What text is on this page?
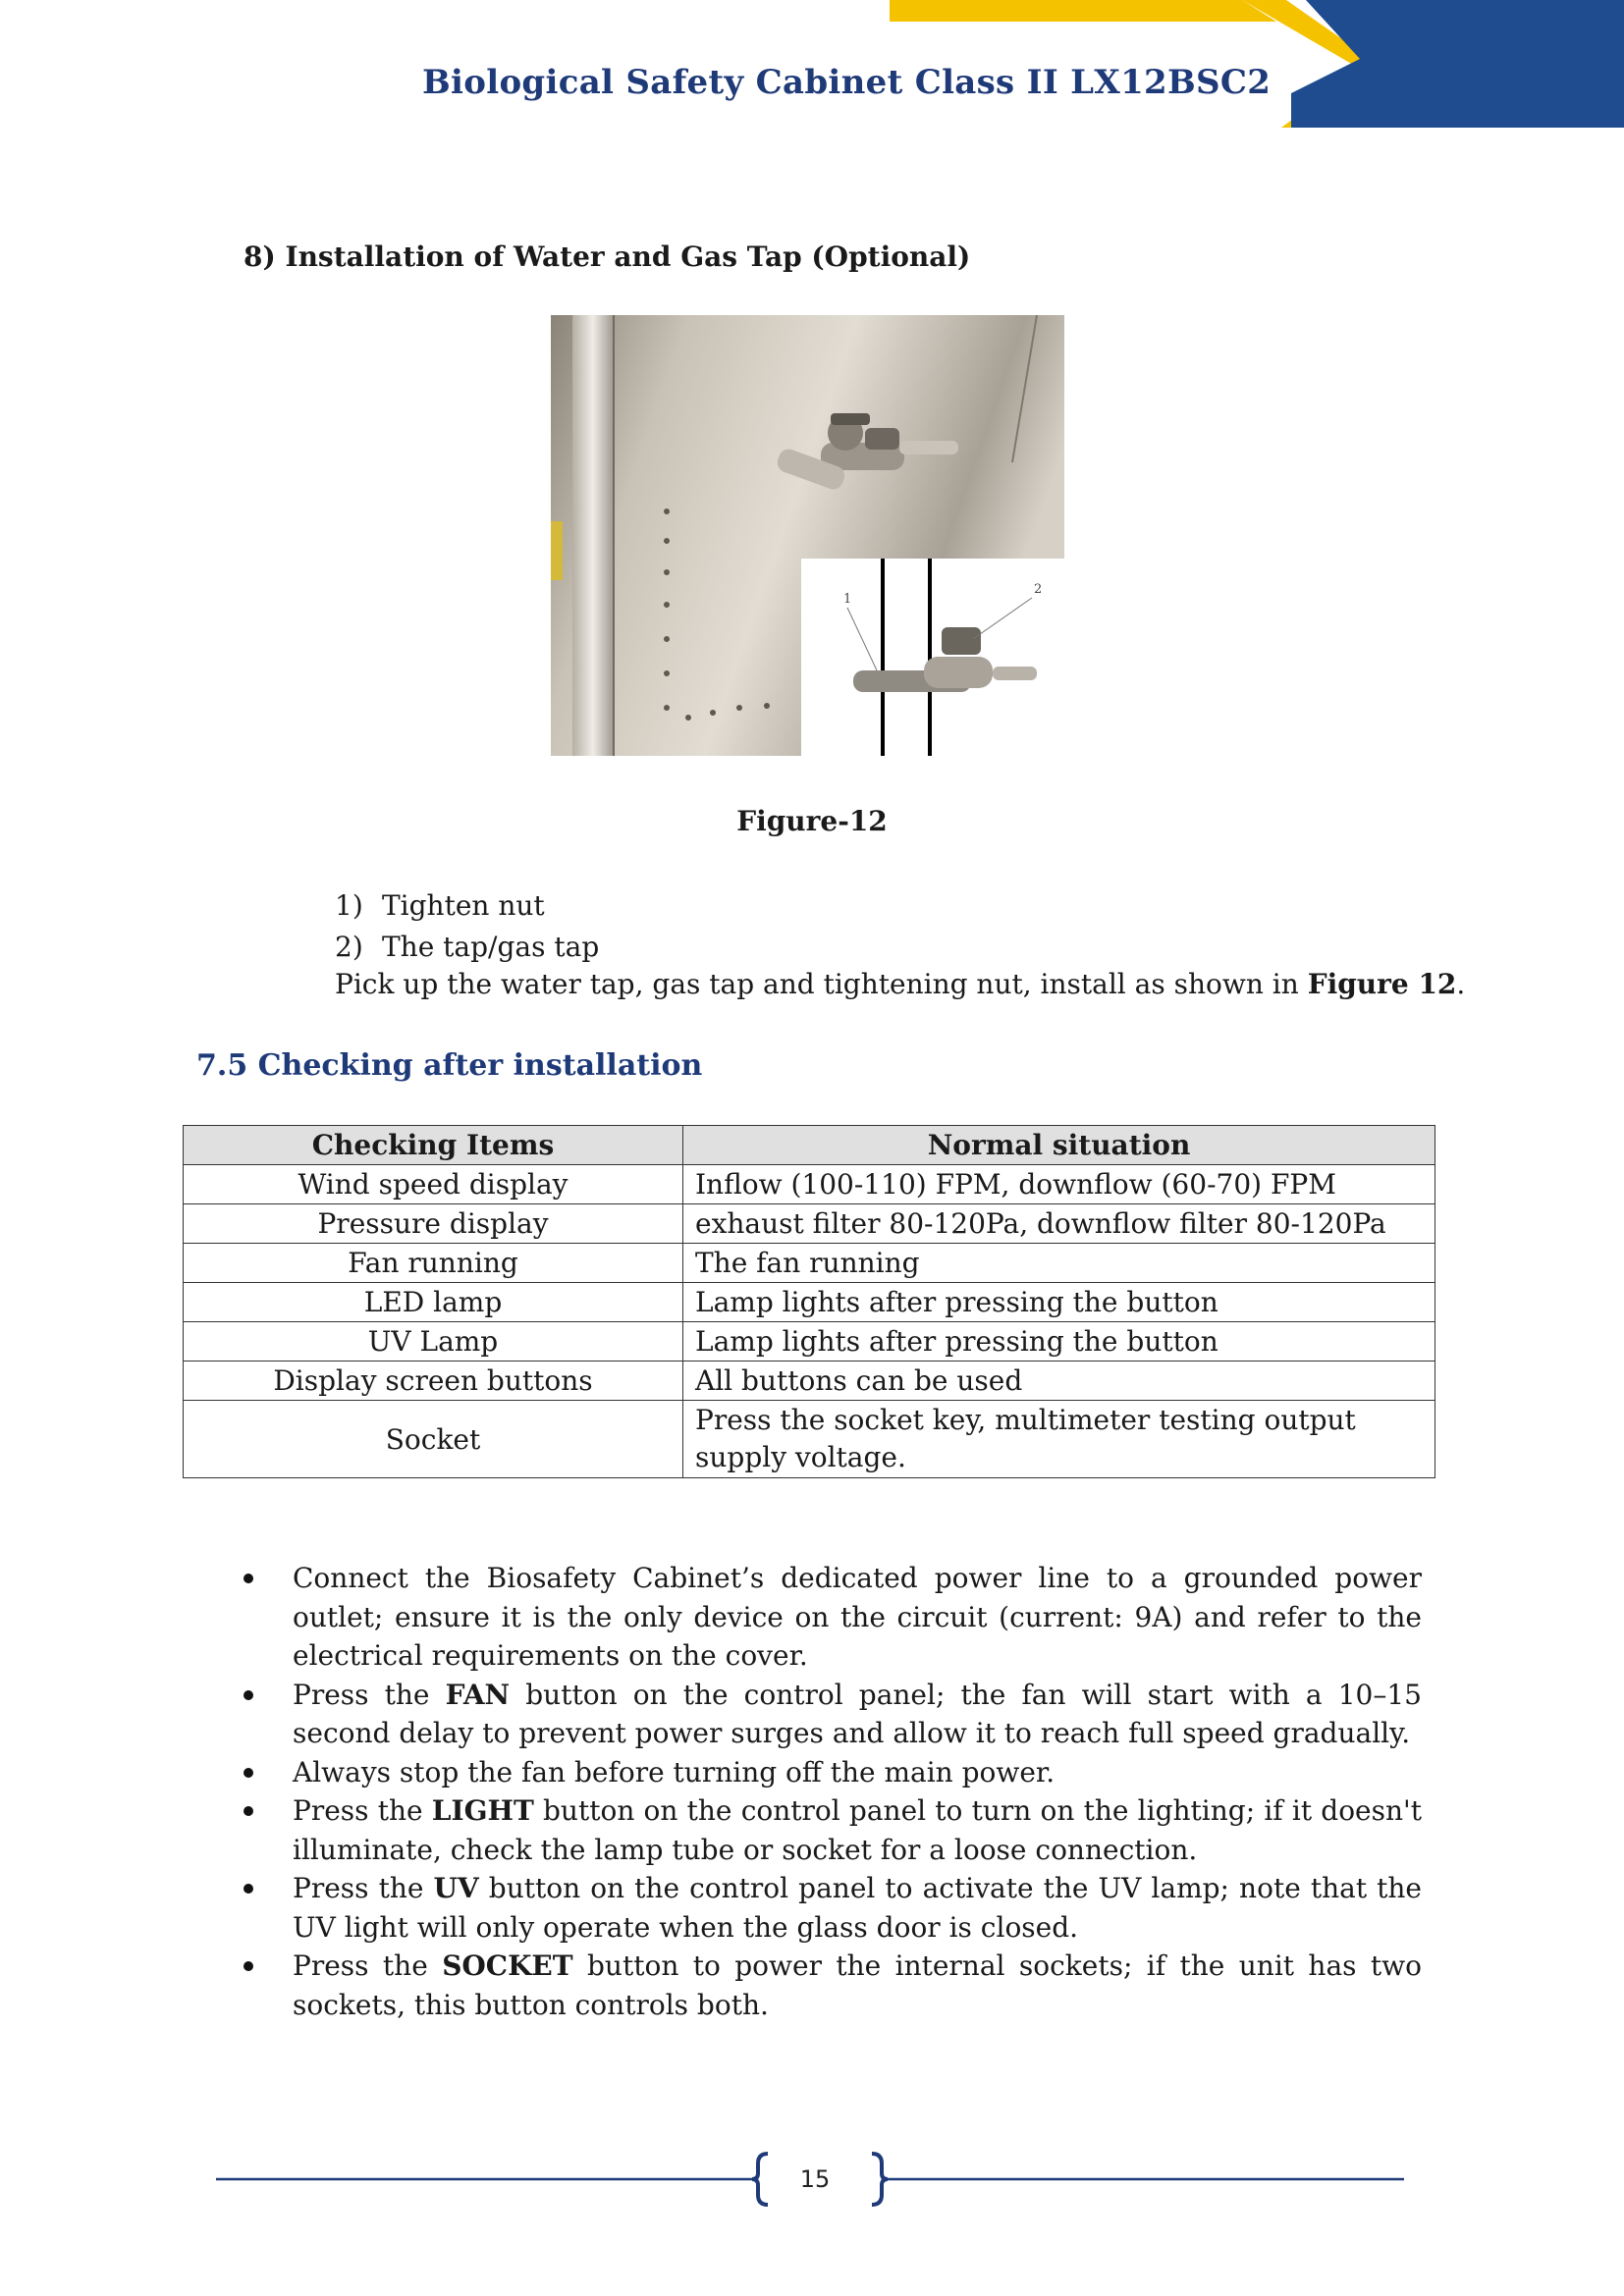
Biological Safety Cabinet Class II LX12BSC2
8) Installation of Water and Gas Tap (Optional)
1
2
Figure-12
1) Tighten nut
2) The tap/gas tap
Pick up the water tap, gas tap and tightening nut, install as shown in Figure 12.
7.5 Checking after installation
Checking Items	Normal situation
Wind speed display	Inflow (100-110) FPM, downflow (60-70) FPM
Pressure display	exhaust filter 80-120Pa, downflow filter 80-120Pa
Fan running	The fan running
LED lamp	Lamp lights after pressing the button
UV Lamp	Lamp lights after pressing the button
Display screen buttons	All buttons can be used
Socket	Press the socket key, multimeter testing output supply voltage.
Connect the Biosafety Cabinet’s dedicated power line to a grounded power outlet; ensure it is the only device on the circuit (current: 9A) and refer to the electrical requirements on the cover.
Press the FAN button on the control panel; the fan will start with a 10–15 second delay to prevent power surges and allow it to reach full speed gradually.
Always stop the fan before turning off the main power.
Press the LIGHT button on the control panel to turn on the lighting; if it doesn't illuminate, check the lamp tube or socket for a loose connection.
Press the UV button on the control panel to activate the UV lamp; note that the UV light will only operate when the glass door is closed.
Press the SOCKET button to power the internal sockets; if the unit has two sockets, this button controls both.
15
